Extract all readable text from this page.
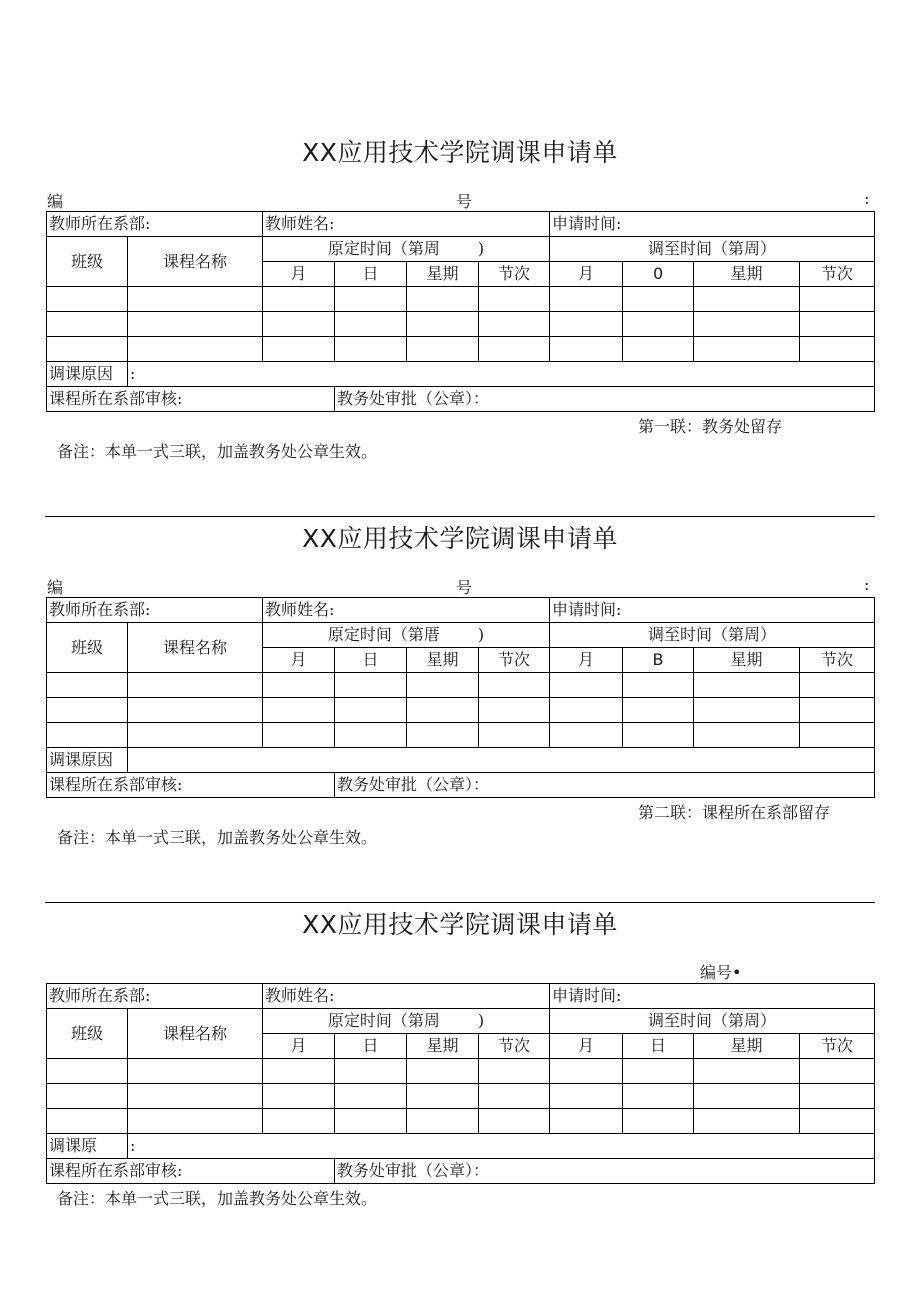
XX应用技术学院调课申请单
编	号	:
教师所在系部:		教师姓名:				申请时间:			
班级	课程名称	原定时间（第周 )				调至时间（第周）			
		月	日	星期	节次	月	0	星期	节次

调课原因	:								
课程所在系部审核:			教务处审批（公章）：						
第一联：教务处留存
备注：本单一式三联，加盖教务处公章生效。
XX应用技术学院调课申请单
编	号	:
教师所在系部:		教师姓名:				申请时间:			
班级	课程名称	原定时间（第厝 )				调至时间（第周）			
		月	日	星期	节次	月	B	星期	节次

调课原因									
课程所在系部审核:			教务处审批（公章）：						
第二联：课程所在系部留存
备注：本单一式三联，加盖教务处公章生效。
XX应用技术学院调课申请单
编号•
教师所在系部:		教师姓名:				申请时间:			
班级	课程名称	原定时间（第周 )				调至时间（第周）			
		月	日	星期	节次	月	日	星期	节次

调课原	:								
课程所在系部审核:			教务处审批（公章）：						
备注：本单一式三联，加盖教务处公章生效。
